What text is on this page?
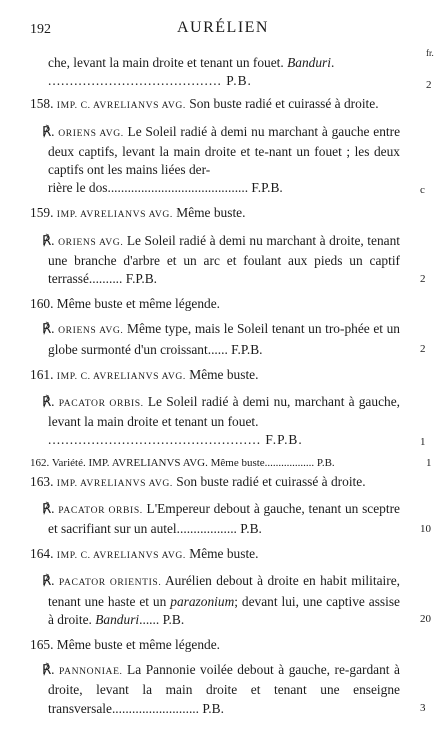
192	AURÉLIEN
fr.
che, levant la main droite et tenant un fouet. Banduri.
........................................ P.B.	2
158. IMP. C. AVRELIANVS AVG. Son buste radié et cuirassé à droite.
℟. ORIENS AVG. Le Soleil radié à demi nu marchant à gauche entre deux captifs, levant la main droite et te-nant un fouet ; les deux captifs ont les mains liées der-
rière le dos.......................................... F.P.B.	c
159. IMP. AVRELIANVS AVG. Même buste.
℟. ORIENS AVG. Le Soleil radié à demi nu marchant à droite, tenant une branche d'arbre et un arc et foulant aux pieds un captif terrassé.......... F.P.B.	2
160. Même buste et même légende.
℟. ORIENS AVG. Même type, mais le Soleil tenant un tro-phée et un globe surmonté d'un croissant...... F.P.B.	2
161. IMP. C. AVRELIANVS AVG. Même buste.
℟. PACATOR ORBIS. Le Soleil radié à demi nu, marchant à gauche, levant la main droite et tenant un fouet.
................................................. F.P.B.	1
162. Variété. IMP. AVRELIANVS AVG. Même buste.................. P.B.	1
163. IMP. AVRELIANVS AVG. Son buste radié et cuirassé à droite.
℟. PACATOR ORBIS. L'Empereur debout à gauche, tenant un sceptre et sacrifiant sur un autel.................. P.B.	10
164. IMP. C. AVRELIANVS AVG. Même buste.
℟. PACATOR ORIENTIS. Aurélien debout à droite en habit militaire, tenant une haste et un parazonium; devant lui, une captive assise à droite. Banduri...... P.B.	20
165. Même buste et même légende.
℟. PANNONIAE. La Pannonie voilée debout à gauche, re-gardant à droite, levant la main droite et tenant une enseigne transversale.......................... P.B.	3
